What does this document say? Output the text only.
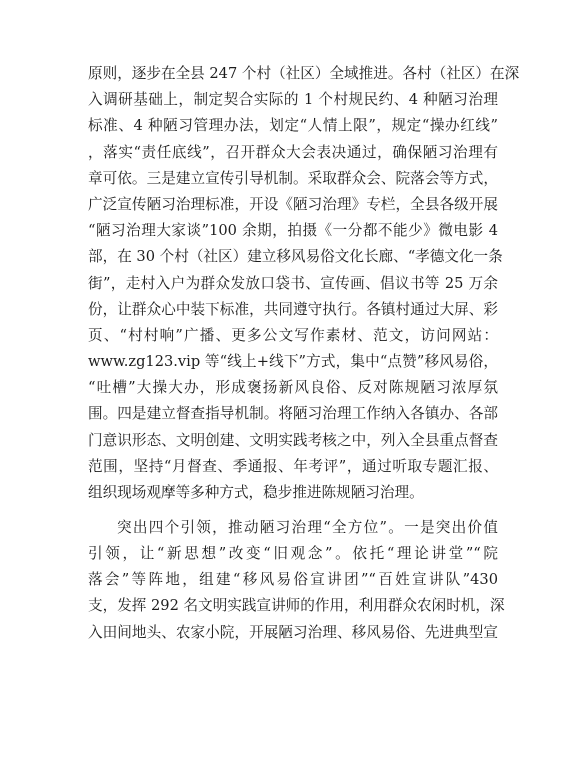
原则，逐步在全县 247 个村（社区）全域推进。各村（社区）在深
入调研基础上，制定契合实际的 1 个村规民约、4 种陋习治理
标准、4 种陋习管理办法，划定“人情上限”，规定“操办红线”
，落实“责任底线”，召开群众大会表决通过，确保陋习治理有
章可依。三是建立宣传引导机制。采取群众会、院落会等方式，
广泛宣传陋习治理标准，开设《陋习治理》专栏，全县各级开展
“陋习治理大家谈”100 余期，拍摄《一分都不能少》微电影 4
部，在 30 个村（社区）建立移风易俗文化长廊、“孝德文化一条
街”，走村入户为群众发放口袋书、宣传画、倡议书等 25 万余
份，让群众心中装下标准，共同遵守执行。各镇村通过大屏、彩
页、“村村响”广播、更多公文写作素材、范文，访问网站：
www.zg123.vip 等“线上+线下”方式，集中“点赞”移风易俗，
“吐槽”大操大办，形成褒扬新风良俗、反对陈规陋习浓厚氛
围。四是建立督查指导机制。将陋习治理工作纳入各镇办、各部
门意识形态、文明创建、文明实践考核之中，列入全县重点督查
范围，坚持“月督查、季通报、年考评”，通过听取专题汇报、
组织现场观摩等多种方式，稳步推进陈规陋习治理。
突出四个引领，推动陋习治理“全方位”。一是突出价值
引领，让“新思想”改变“旧观念”。依托“理论讲堂”“院
落会”等阵地，组建“移风易俗宣讲团”“百姓宣讲队”430
支，发挥 292 名文明实践宣讲师的作用，利用群众农闲时机，深
入田间地头、农家小院，开展陋习治理、移风易俗、先进典型宣
